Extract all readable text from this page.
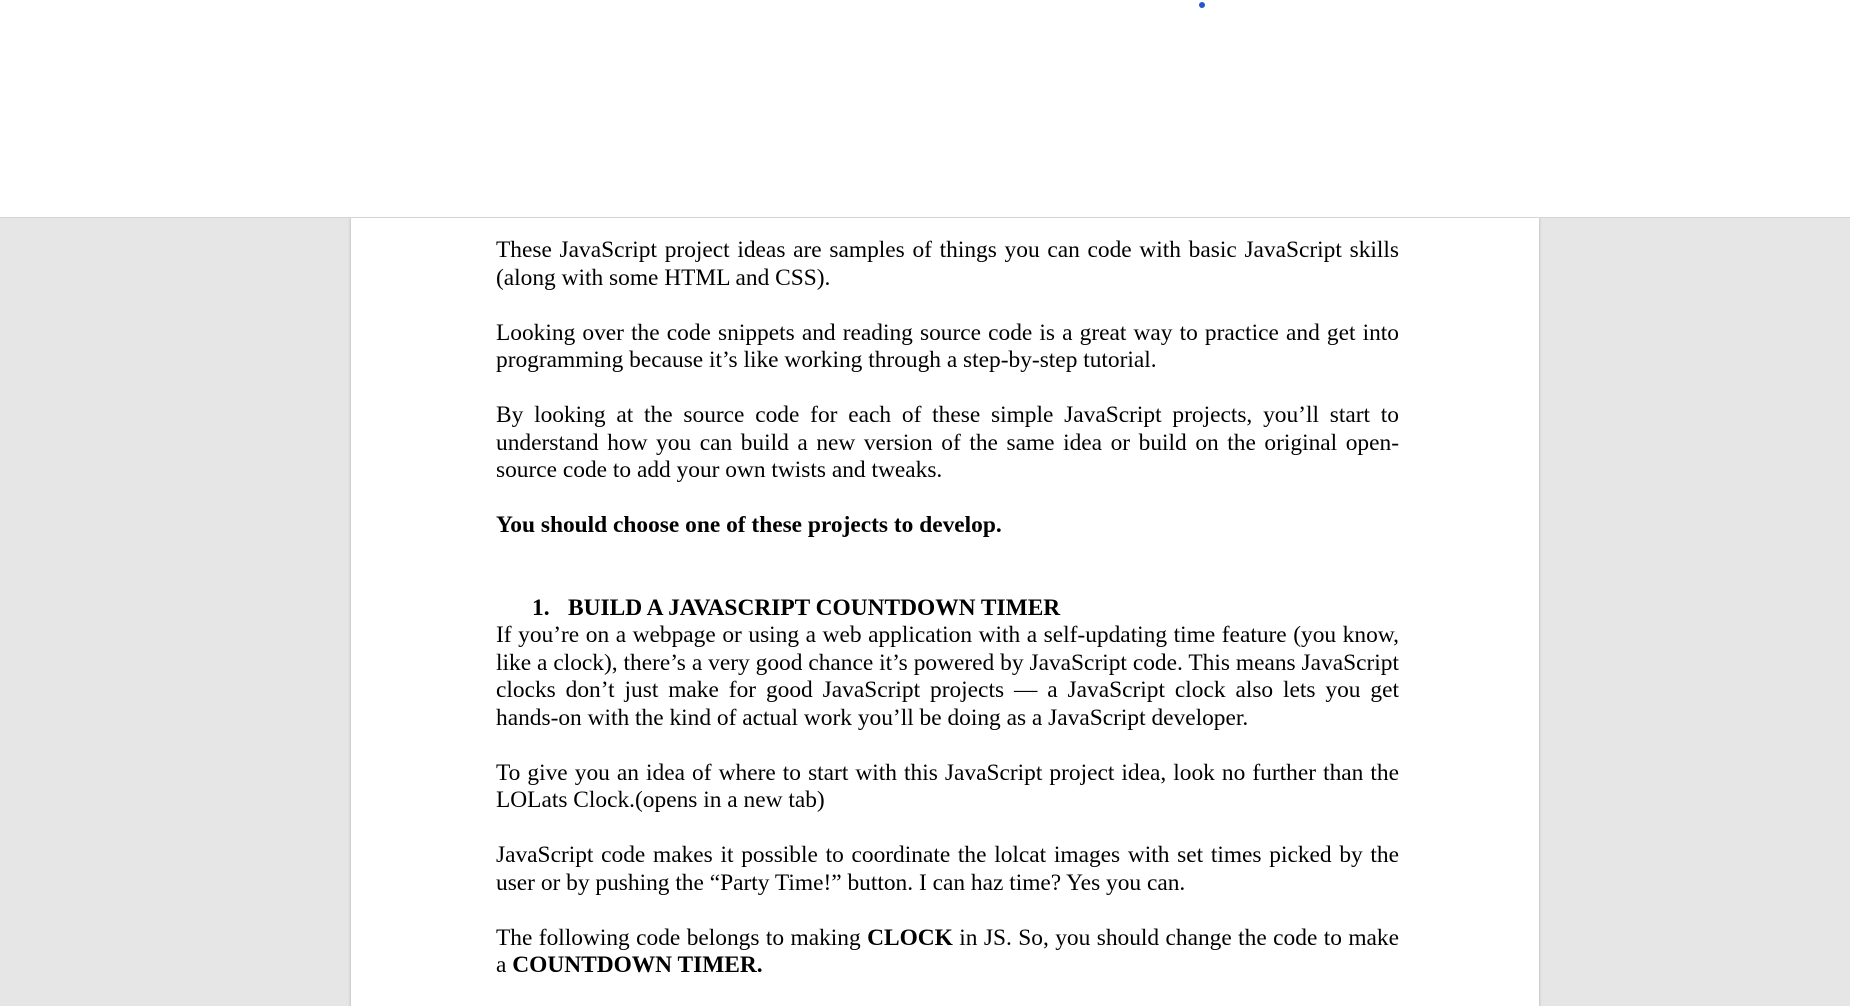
These JavaScript project ideas are samples of things you can code with basic JavaScript skills (along with some HTML and CSS).

Looking over the code snippets and reading source code is a great way to practice and get into programming because it’s like working through a step-by-step tutorial.

By looking at the source code for each of these simple JavaScript projects, you’ll start to understand how you can build a new version of the same idea or build on the original open-source code to add your own twists and tweaks.

You should choose one of these projects to develop.

1. BUILD A JAVASCRIPT COUNTDOWN TIMER

If you’re on a webpage or using a web application with a self-updating time feature (you know, like a clock), there’s a very good chance it’s powered by JavaScript code. This means JavaScript clocks don’t just make for good JavaScript projects — a JavaScript clock also lets you get hands-on with the kind of actual work you’ll be doing as a JavaScript developer.

To give you an idea of where to start with this JavaScript project idea, look no further than the LOLats Clock.(opens in a new tab)

JavaScript code makes it possible to coordinate the lolcat images with set times picked by the user or by pushing the “Party Time!” button. I can haz time? Yes you can.

The following code belongs to making CLOCK in JS. So, you should change the code to make a COUNTDOWN TIMER.
